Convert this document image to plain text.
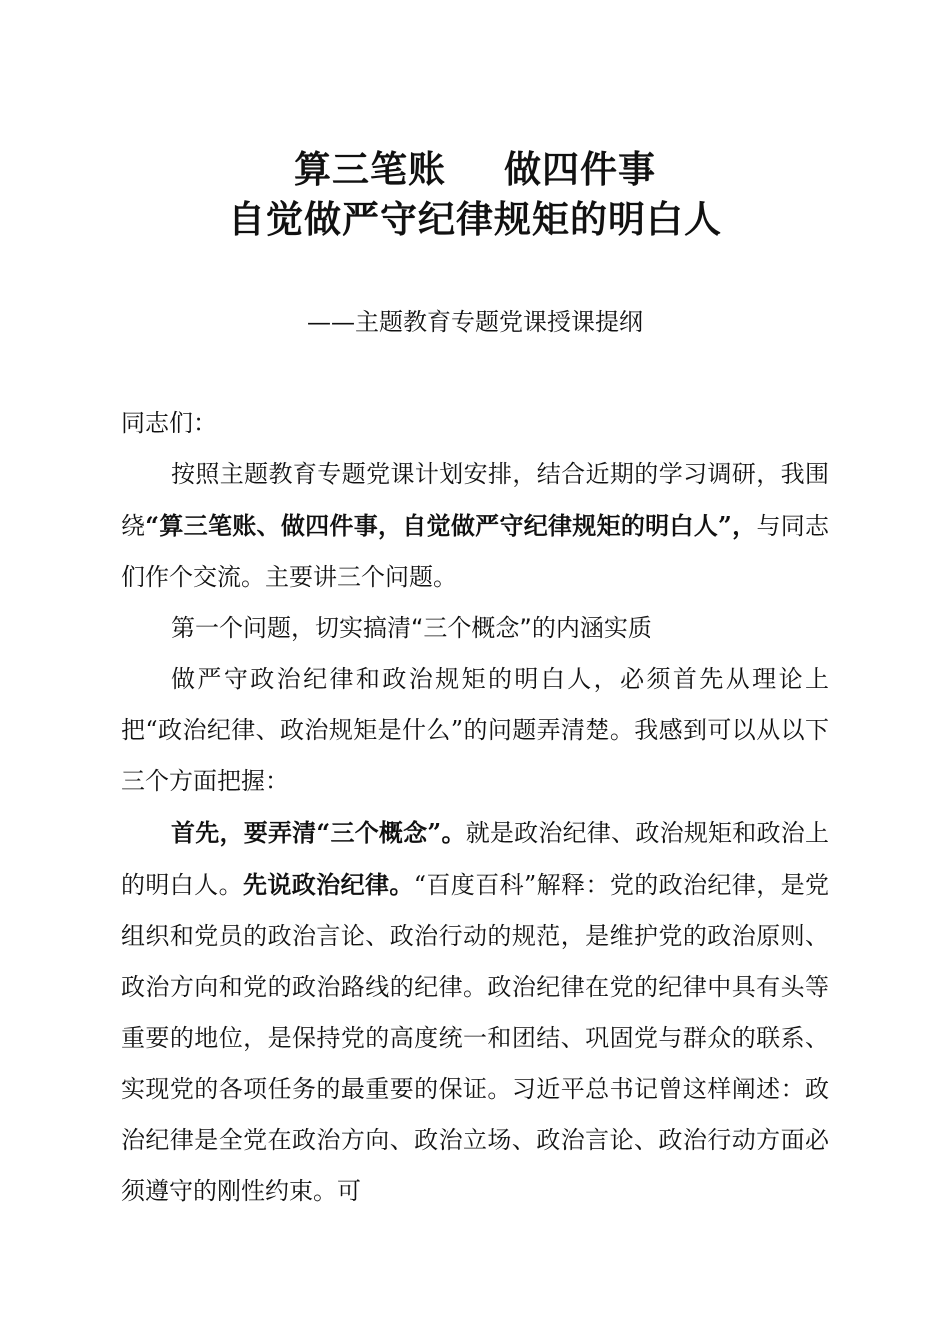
算三笔账 做四件事
自觉做严守纪律规矩的明白人

——主题教育专题党课授课提纲

同志们：

按照主题教育专题党课计划安排，结合近期的学习调研，我围绕“算三笔账、做四件事，自觉做严守纪律规矩的明白人”，与同志们作个交流。主要讲三个问题。

第一个问题，切实搞清“三个概念”的内涵实质

做严守政治纪律和政治规矩的明白人，必须首先从理论上把“政治纪律、政治规矩是什么”的问题弄清楚。我感到可以从以下三个方面把握：

首先，要弄清“三个概念”。就是政治纪律、政治规矩和政治上的明白人。先说政治纪律。“百度百科”解释：党的政治纪律，是党组织和党员的政治言论、政治行动的规范，是维护党的政治原则、政治方向和党的政治路线的纪律。政治纪律在党的纪律中具有头等重要的地位，是保持党的高度统一和团结、巩固党与群众的联系、实现党的各项任务的最重要的保证。习近平总书记曾这样阐述：政治纪律是全党在政治方向、政治立场、政治言论、政治行动方面必须遵守的刚性约束。可
